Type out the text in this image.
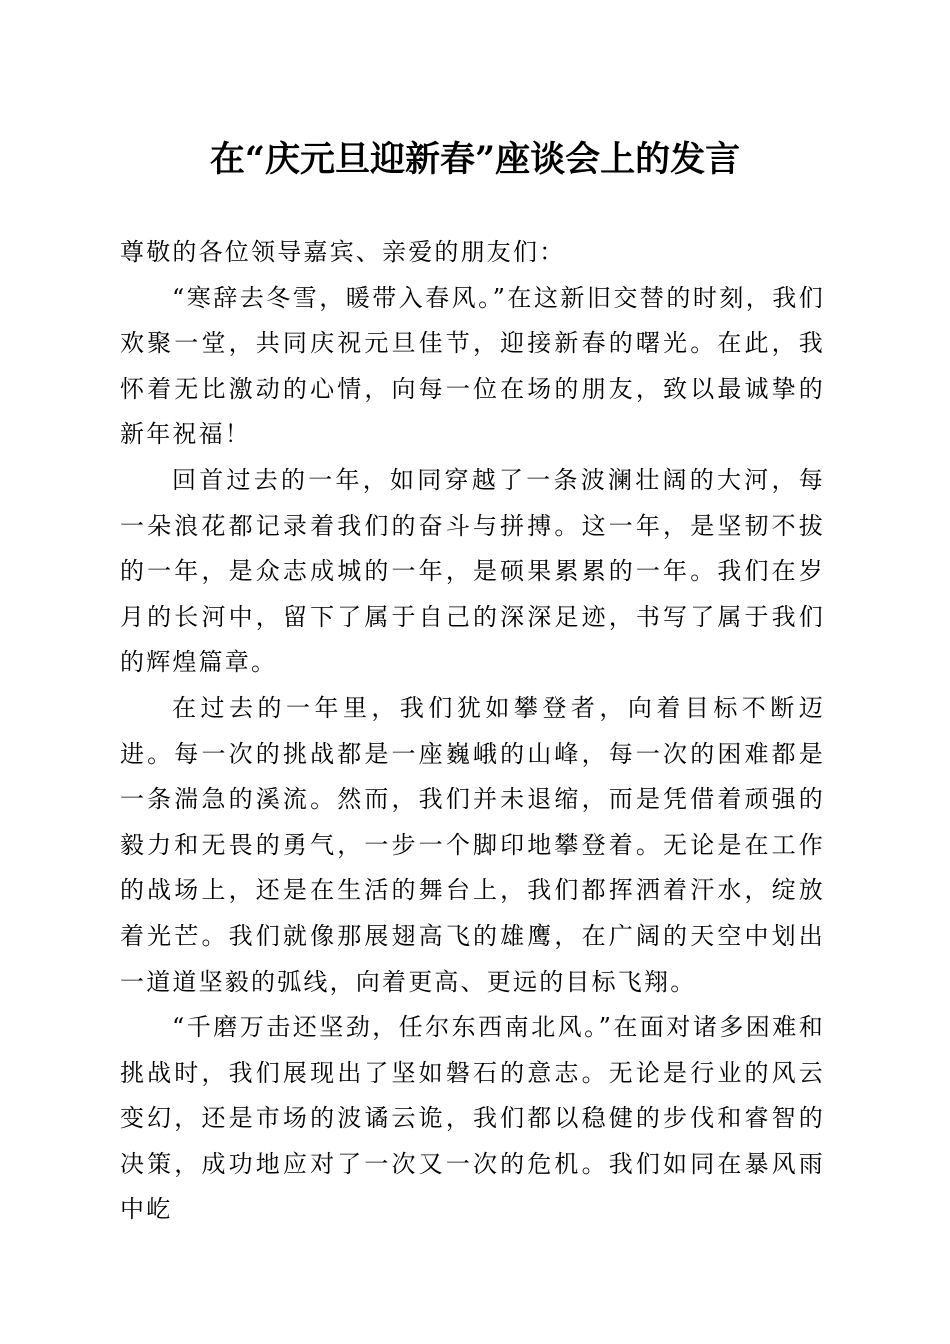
在“庆元旦迎新春”座谈会上的发言

尊敬的各位领导嘉宾、亲爱的朋友们：

“寒辞去冬雪，暖带入春风。”在这新旧交替的时刻，我们欢聚一堂，共同庆祝元旦佳节，迎接新春的曙光。在此，我怀着无比激动的心情，向每一位在场的朋友，致以最诚挚的新年祝福！

回首过去的一年，如同穿越了一条波澜壮阔的大河，每一朵浪花都记录着我们的奋斗与拼搏。这一年，是坚韧不拔的一年，是众志成城的一年，是硕果累累的一年。我们在岁月的长河中，留下了属于自己的深深足迹，书写了属于我们的辉煌篇章。

在过去的一年里，我们犹如攀登者，向着目标不断迈进。每一次的挑战都是一座巍峨的山峰，每一次的困难都是一条湍急的溪流。然而，我们并未退缩，而是凭借着顽强的毅力和无畏的勇气，一步一个脚印地攀登着。无论是在工作的战场上，还是在生活的舞台上，我们都挥洒着汗水，绽放着光芒。我们就像那展翅高飞的雄鹰，在广阔的天空中划出一道道坚毅的弧线，向着更高、更远的目标飞翔。

“千磨万击还坚劲，任尔东西南北风。”在面对诸多困难和挑战时，我们展现出了坚如磐石的意志。无论是行业的风云变幻，还是市场的波谲云诡，我们都以稳健的步伐和睿智的决策，成功地应对了一次又一次的危机。我们如同在暴风雨中屹
